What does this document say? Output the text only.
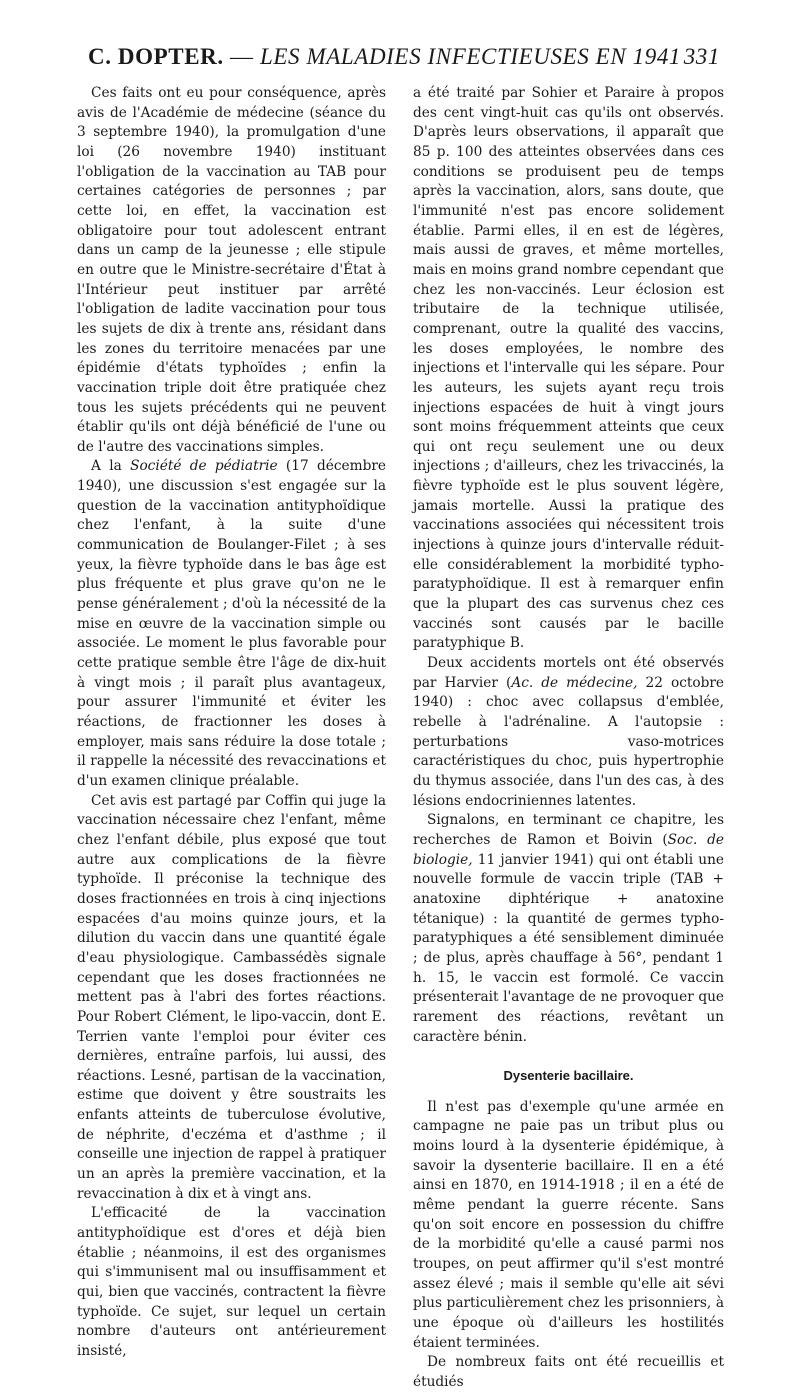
C. DOPTER. — LES MALADIES INFECTIEUSES EN 1941 331

Ces faits ont eu pour conséquence, après avis de l'Académie de médecine (séance du 3 septembre 1940), la promulgation d'une loi (26 novembre 1940) instituant l'obligation de la vaccination au TAB pour certaines catégories de personnes ; par cette loi, en effet, la vaccination est obligatoire pour tout adolescent entrant dans un camp de la jeunesse ; elle stipule en outre que le Ministre-secrétaire d'État à l'Intérieur peut instituer par arrêté l'obligation de ladite vaccination pour tous les sujets de dix à trente ans, résidant dans les zones du territoire menacées par une épidémie d'états typhoïdes ; enfin la vaccination triple doit être pratiquée chez tous les sujets précédents qui ne peuvent établir qu'ils ont déjà bénéficié de l'une ou de l'autre des vaccinations simples.

A la Société de pédiatrie (17 décembre 1940), une discussion s'est engagée sur la question de la vaccination antityphoïdique chez l'enfant, à la suite d'une communication de Boulanger-Filet ; à ses yeux, la fièvre typhoïde dans le bas âge est plus fréquente et plus grave qu'on ne le pense généralement ; d'où la nécessité de la mise en œuvre de la vaccination simple ou associée. Le moment le plus favorable pour cette pratique semble être l'âge de dix-huit à vingt mois ; il paraît plus avantageux, pour assurer l'immunité et éviter les réactions, de fractionner les doses à employer, mais sans réduire la dose totale ; il rappelle la nécessité des revaccinations et d'un examen clinique préalable.

Cet avis est partagé par Coffin qui juge la vaccination nécessaire chez l'enfant, même chez l'enfant débile, plus exposé que tout autre aux complications de la fièvre typhoïde. Il préconise la technique des doses fractionnées en trois à cinq injections espacées d'au moins quinze jours, et la dilution du vaccin dans une quantité égale d'eau physiologique. Cambassédès signale cependant que les doses fractionnées ne mettent pas à l'abri des fortes réactions. Pour Robert Clément, le lipo-vaccin, dont E. Terrien vante l'emploi pour éviter ces dernières, entraîne parfois, lui aussi, des réactions. Lesné, partisan de la vaccination, estime que doivent y être soustraits les enfants atteints de tuberculose évolutive, de néphrite, d'eczéma et d'asthme ; il conseille une injection de rappel à pratiquer un an après la première vaccination, et la revaccination à dix et à vingt ans.

L'efficacité de la vaccination antityphoïdique est d'ores et déjà bien établie ; néanmoins, il est des organismes qui s'immunisent mal ou insuffisamment et qui, bien que vaccinés, contractent la fièvre typhoïde. Ce sujet, sur lequel un certain nombre d'auteurs ont antérieurement insisté,

a été traité par Sohier et Paraire à propos des cent vingt-huit cas qu'ils ont observés. D'après leurs observations, il apparaît que 85 p. 100 des atteintes observées dans ces conditions se produisent peu de temps après la vaccination, alors, sans doute, que l'immunité n'est pas encore solidement établie. Parmi elles, il en est de légères, mais aussi de graves, et même mortelles, mais en moins grand nombre cependant que chez les non-vaccinés. Leur éclosion est tributaire de la technique utilisée, comprenant, outre la qualité des vaccins, les doses employées, le nombre des injections et l'intervalle qui les sépare. Pour les auteurs, les sujets ayant reçu trois injections espacées de huit à vingt jours sont moins fréquemment atteints que ceux qui ont reçu seulement une ou deux injections ; d'ailleurs, chez les trivaccinés, la fièvre typhoïde est le plus souvent légère, jamais mortelle. Aussi la pratique des vaccinations associées qui nécessitent trois injections à quinze jours d'intervalle réduit-elle considérablement la morbidité typho-paratyphoïdique. Il est à remarquer enfin que la plupart des cas survenus chez ces vaccinés sont causés par le bacille paratyphique B.

Deux accidents mortels ont été observés par Harvier (Ac. de médecine, 22 octobre 1940) : choc avec collapsus d'emblée, rebelle à l'adrénaline. A l'autopsie : perturbations vaso-motrices caractéristiques du choc, puis hypertrophie du thymus associée, dans l'un des cas, à des lésions endocriniennes latentes.

Signalons, en terminant ce chapitre, les recherches de Ramon et Boivin (Soc. de biologie, 11 janvier 1941) qui ont établi une nouvelle formule de vaccin triple (TAB + anatoxine diphtérique + anatoxine tétanique) : la quantité de germes typho-paratyphiques a été sensiblement diminuée ; de plus, après chauffage à 56°, pendant 1 h. 15, le vaccin est formolé. Ce vaccin présenterait l'avantage de ne provoquer que rarement des réactions, revêtant un caractère bénin.

Dysenterie bacillaire.

Il n'est pas d'exemple qu'une armée en campagne ne paie pas un tribut plus ou moins lourd à la dysenterie épidémique, à savoir la dysenterie bacillaire. Il en a été ainsi en 1870, en 1914-1918 ; il en a été de même pendant la guerre récente. Sans qu'on soit encore en possession du chiffre de la morbidité qu'elle a causé parmi nos troupes, on peut affirmer qu'il s'est montré assez élevé ; mais il semble qu'elle ait sévi plus particulièrement chez les prisonniers, à une époque où d'ailleurs les hostilités étaient terminées.

De nombreux faits ont été recueillis et étudiés
